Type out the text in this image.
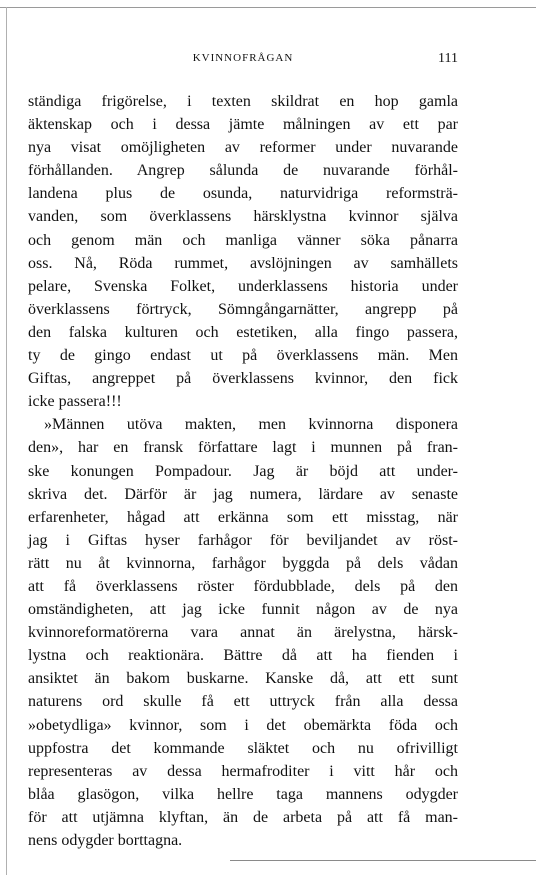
KVINNOFRÅGAN	111
ständiga frigörelse, i texten skildrat en hop gamla
äktenskap och i dessa jämte målningen av ett par
nya visat omöjligheten av reformer under nuvarande
förhållanden. Angrep sålunda de nuvarande förhål-
landena plus de osunda, naturvidriga reformsträ-
vanden, som överklassens härsklystna kvinnor själva
och genom män och manliga vänner söka pånarra
oss. Nå, Röda rummet, avslöjningen av samhällets
pelare, Svenska Folket, underklassens historia under
överklassens förtryck, Sömngångarnätter, angrepp på
den falska kulturen och estetiken, alla fingo passera,
ty de gingo endast ut på överklassens män. Men
Giftas, angreppet på överklassens kvinnor, den fick
icke passera!!!
»Männen utöva makten, men kvinnorna disponera
den», har en fransk författare lagt i munnen på fran-
ske konungen Pompadour. Jag är böjd att under-
skriva det. Därför är jag numera, lärdare av senaste
erfarenheter, hågad att erkänna som ett misstag, när
jag i Giftas hyser farhågor för beviljandet av röst-
rätt nu åt kvinnorna, farhågor byggda på dels vådan
att få överklassens röster fördubblade, dels på den
omständigheten, att jag icke funnit någon av de nya
kvinnoreformatörerna vara annat än ärelystna, härsk-
lystna och reaktionära. Bättre då att ha fienden i
ansiktet än bakom buskarne. Kanske då, att ett sunt
naturens ord skulle få ett uttryck från alla dessa
»obetydliga» kvinnor, som i det obemärkta föda och
uppfostra det kommande släktet och nu ofrivilligt
representeras av dessa hermafroditer i vitt hår och
blåa glasögon, vilka hellre taga mannens odygder
för att utjämna klyftan, än de arbeta på att få man-
nens odygder borttagna.
